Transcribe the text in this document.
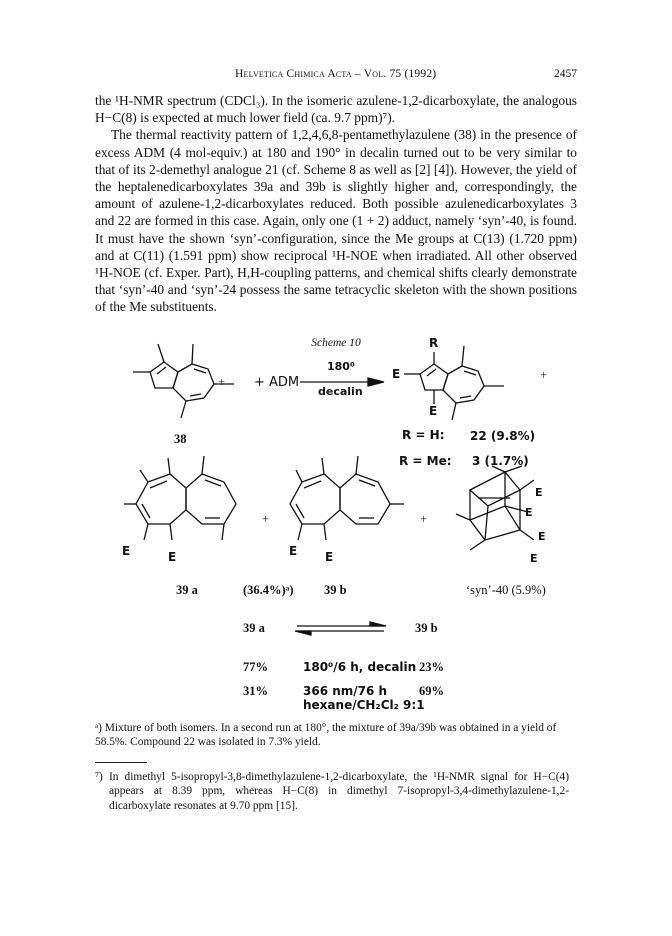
Helvetica Chimica Acta – Vol. 75 (1992)	2457

the ¹H-NMR spectrum (CDCl₃). In the isomeric azulene-1,2-dicarboxylate, the analogous H−C(8) is expected at much lower field (ca. 9.7 ppm)⁷).

The thermal reactivity pattern of 1,2,4,6,8-pentamethylazulene (38) in the presence of excess ADM (4 mol-equiv.) at 180 and 190° in decalin turned out to be very similar to that of its 2-demethyl analogue 21 (cf. Scheme 8 as well as [2] [4]). However, the yield of the heptalenedicarboxylates 39a and 39b is slightly higher and, correspondingly, the amount of azulene-1,2-dicarboxylates reduced. Both possible azulenedicarboxylates 3 and 22 are formed in this case. Again, only one (1 + 2) adduct, namely ‘syn’-40, is found. It must have the shown ‘syn’-configuration, since the Me groups at C(13) (1.720 ppm) and at C(11) (1.591 ppm) show reciprocal ¹H-NOE when irradiated. All other observed ¹H-NOE (cf. Exper. Part), H,H-coupling patterns, and chemical shifts clearly demonstrate that ‘syn’-40 and ‘syn’-24 possess the same tetracyclic skeleton with the shown positions of the Me substituents.

Scheme 10
+ + ADM
180⁰
decalin
E
R
E
+
38	R = H: 22 (9.8%)
R = Me: 3 (1.7%)
E	E
+
E E
+
E
E
E
E
39 a	(36.4%)ᵃ) 39 b	‘syn’-40 (5.9%)
39 a	39 b
77%	180⁰/6 h, decalin 23%
31%	366 nm/76 h	69%
hexane/CH₂Cl₂ 9:1
ᵃ) Mixture of both isomers. In a second run at 180°, the mixture of 39a/39b was obtained in a yield of 58.5%. Compound 22 was isolated in 7.3% yield.
⁷) In dimethyl 5-isopropyl-3,8-dimethylazulene-1,2-dicarboxylate, the ¹H-NMR signal for H−C(4) appears at 8.39 ppm, whereas H−C(8) in dimethyl 7-isopropyl-3,4-dimethylazulene-1,2-dicarboxylate resonates at 9.70 ppm [15].
